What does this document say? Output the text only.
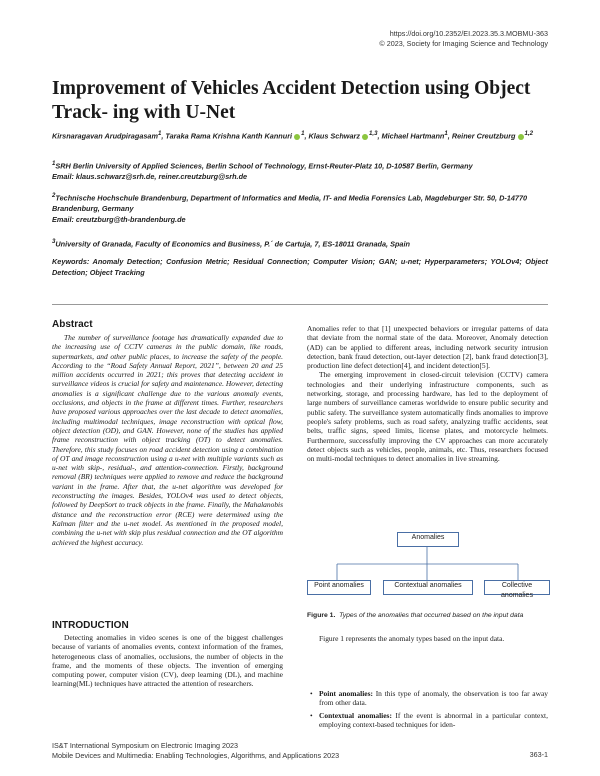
https://doi.org/10.2352/EI.2023.35.3.MOBMU-363
© 2023, Society for Imaging Science and Technology
Improvement of Vehicles Accident Detection using Object Track- ing with U-Net
Kirsnaragavan Arudpiragasam$^1$, Taraka Rama Krishna Kanth Kannuri $^1$, Klaus Schwarz $^{1,3}$, Michael Hartmann$^1$, Reiner Creutzburg $^{1,2}$
$^1$SRH Berlin University of Applied Sciences, Berlin School of Technology, Ernst-Reuter-Platz 10, D-10587 Berlin, Germany
Email: klaus.schwarz@srh.de, reiner.creutzburg@srh.de
$^2$Technische Hochschule Brandenburg, Department of Informatics and Media, IT- and Media Forensics Lab, Magdeburger Str. 50, D-14770 Brandenburg, Germany
Email: creutzburg@th-brandenburg.de
$^3$University of Granada, Faculty of Economics and Business, P.´ de Cartuja, 7, ES-18011 Granada, Spain
Keywords: Anomaly Detection; Confusion Metric; Residual Connection; Computer Vision; GAN; u-net; Hyperparameters; YOLOv4; Object Detection; Object Tracking
Abstract
The number of surveillance footage has dramatically expanded due to the increasing use of CCTV cameras in the public domain, like roads, supermarkets, and other public places, to increase the safety of the people. According to the “Road Safety Annual Report, 2021”, between 20 and 25 million accidents occurred in 2021; this proves that detecting accident in surveillance videos is crucial for safety and maintenance. However, detecting anomalies is a significant challenge due to the various anomaly events, occlusions, and objects in the frame at different times. Further, researchers have proposed various approaches over the last decade to detect anomalies, including multimodal techniques, image reconstruction with optical flow, object detection (OD), and GAN. However, none of the studies has applied frame reconstruction with object tracking (OT) to detect anomalies. Therefore, this study focuses on road accident detection using a combination of OT and image reconstruction using a u-net with multiple variants such as u-net with skip-, residual-, and attention-connection. Firstly, background removal (BR) techniques were applied to remove and reduce the background variant in the frame. After that, the u-net algorithm was developed for reconstructing the images. Besides, YOLOv4 was used to detect objects, followed by DeepSort to track objects in the frame. Finally, the Mahalanobis distance and the reconstruction error (RCE) were determined using the Kalman filter and the u-net model. As mentioned in the proposed model, combining the u-net with skip plus residual connection and the OT algorithm achieved the highest accuracy.
INTRODUCTION
Detecting anomalies in video scenes is one of the biggest challenges because of variants of anomalies events, context information of the frames, heterogeneous class of anomalies, occlusions, the number of objects in the frame, and the moments of these objects. The invention of emerging computing power, computer vision (CV), deep learning (DL), and machine learning(ML) techniques have attracted the attention of researchers.

Anomalies refer to that [1] unexpected behaviors or irregular patterns of data that deviate from the normal state of the data. Moreover, Anomaly detection (AD) can be applied to different areas, including network security intrusion detection, bank fraud detection, out-layer detection [2], bank fraud detection[3], production line defect detection[4], and incident detection[5].

The emerging improvement in closed-circuit television (CCTV) camera technologies and their underlying infrastructure components, such as networking, storage, and processing hardware, has led to the deployment of large numbers of surveillance cameras worldwide to ensure public security and public safety. The surveillance system automatically finds anomalies to improve people's safety problems, such as road safety, analyzing traffic accidents, seat belts, traffic signs, speed limits, license plates, and motorcycle helmets. Furthermore, successfully improving the CV approaches can more accurately detect objects such as vehicles, people, animals, etc. Thus, researchers focused on multi-modal techniques to detect anomalies in live streaming.

Anomalies
Point anomalies	Contextual anomalies	Collective anomalies
Figure 1. Types of the anomalies that occurred based on the input data

Figure 1 represents the anomaly types based on the input data.

• Point anomalies: In this type of anomaly, the observation is too far away from other data.
• Contextual anomalies: If the event is abnormal in a particular context, employing context-based techniques for iden-
IS&T International Symposium on Electronic Imaging 2023
Mobile Devices and Multimedia: Enabling Technologies, Algorithms, and Applications 2023	363-1
